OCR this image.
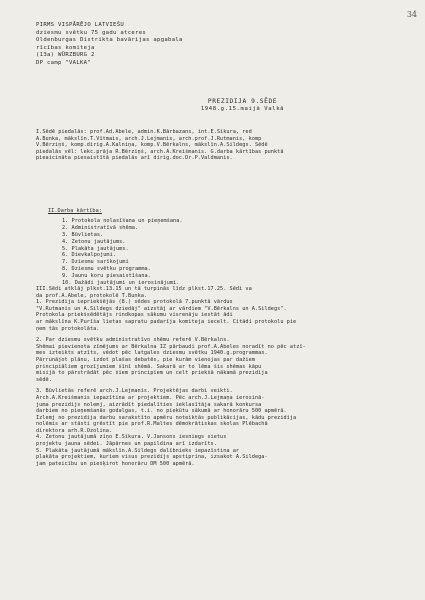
34
PIRMS VISPĀRĒJO LATVIEŠU
dziesmu svētku 75 gadu atceres
Oldenburgas Distrikta bavārijas apgabala
rīcības komiteja
(13a) WÜRZBURG 2
DP camp "VALKA"
PREZIDIJA 9.SĒDE
1948.g.15.maijā Valkā
I.Sēdē piedalās: prof.Ad.Ābele, admin.K.Bārbazans, int.E.Sīkura, red
A.Bunka, mākslīn.T.Vītmais, arch.J.Lejmanis, arch.prof.J.Rutmanis, komp
V.Bērziņš, komp.dirig.A.Kalniņa, komp.V.Bērkalns, mākslīn.A.Sildegs. Sēdē
piedalās vēl: lekc.prāja R.Bērziņš, arch.A.Kreišmanis. G.darba kārtības punktā
pieaicināta piesaistītā piedalās arī dirig.doc.Dr.P.Valdmanis.
II.Darba kārtība:
1. Protokola nolasīšana un pieņemšana.
2. Administratīvā shēma.
3. Būvlietas.
4. Žetonu jautājums.
5. Plakāta jautājums.
6. Dievkalpojumi.
7. Dziesmu sarīkojumi
8. Dziesmu svētku programma.
9. Jaunu koru piesaistīšana.
10. Dažādi jautājumi un ierosinājumi.
III.Sēdi atklāj plkst.13.15 un tā turpinās līdz plkst.17.25. Sēdi va
da prof.A.Ābele, protokolē T.Bunka.
1. Prezidija iepriekšējās (8.) sēdes protokolā 7.punktā vārdus
"V.Rutmanis un A.Sildegs dziedāj" aizstāj ar vārdiem "V.Bērkalns un A.Sildegs".
Protokola priekšsēdētājs rindkopas sākumu visrenāju iestāt ādi
ar mākslīna K.Purīša lietas sapratu padarīja komiteja iecelt. Citādi protokolu pie
ņem tās protokolāta.
2. Par dziesmu svētku administratīvo shēmu referē V.Bērkalns.
Shēmai pievienota zīmējums ar Bērkalna IZ pārbaudi prof.A.Ābeles noradīt no pēc atzī-
mes izteikts atzīts, vēdot pēc latgales dziesmu svētku 1940.g.programmas.
Pārrunājot plānu, izdot plašas debatēs, pie kurām vienojas par dažiem
principiāliem grozījumiem šīnī shēmā. Sakarā ar to lēma šis shēmas kāpu
misijā to pārstrādāt pēc šiem principiem un celt priekšā nākamā prezidija
sēdē.
3. Būvlietās referē arch.J.Lejmanis. Projektējas darbi veikti.
Arch.A.Kreišmanis iepazītina ar projektiem. Pēc arch.J.Lejmaņa ierosinā-
juma prezidijs nolemj, aizrādīt piedalīties ieklasītāja sakarā konkursa
darbiem no pieņemšanās godalgas, t.i. no piekūtu sākumā ar honorāru 500 apmērā.
Izlemj no prezidija darbu sarakstīto apmēru noteiktās publikācijas, kādu prezidija
nolēmis ar stāsti grēstīt pie prof.R.Maltes dēmokrātiskas skolas Plēbachā
direktora arh.R.Ozolina.
4. Žetonu jautājumā ziņo E.Sīkura. V.Jansons iesniegs sietus
projektu jauna sēdei. Jāpārnes un papildina arī izdarīts.
5. Plakāta jautājumā mākslīn.A.Sildegs dalībnieks iepazīstina ar
plakāta projektiem, kuriem visus prezidijs apstiprina, izsakot A.Sildega-
jam pateicību un piešķirot honorāru DM 500 apmērā.
